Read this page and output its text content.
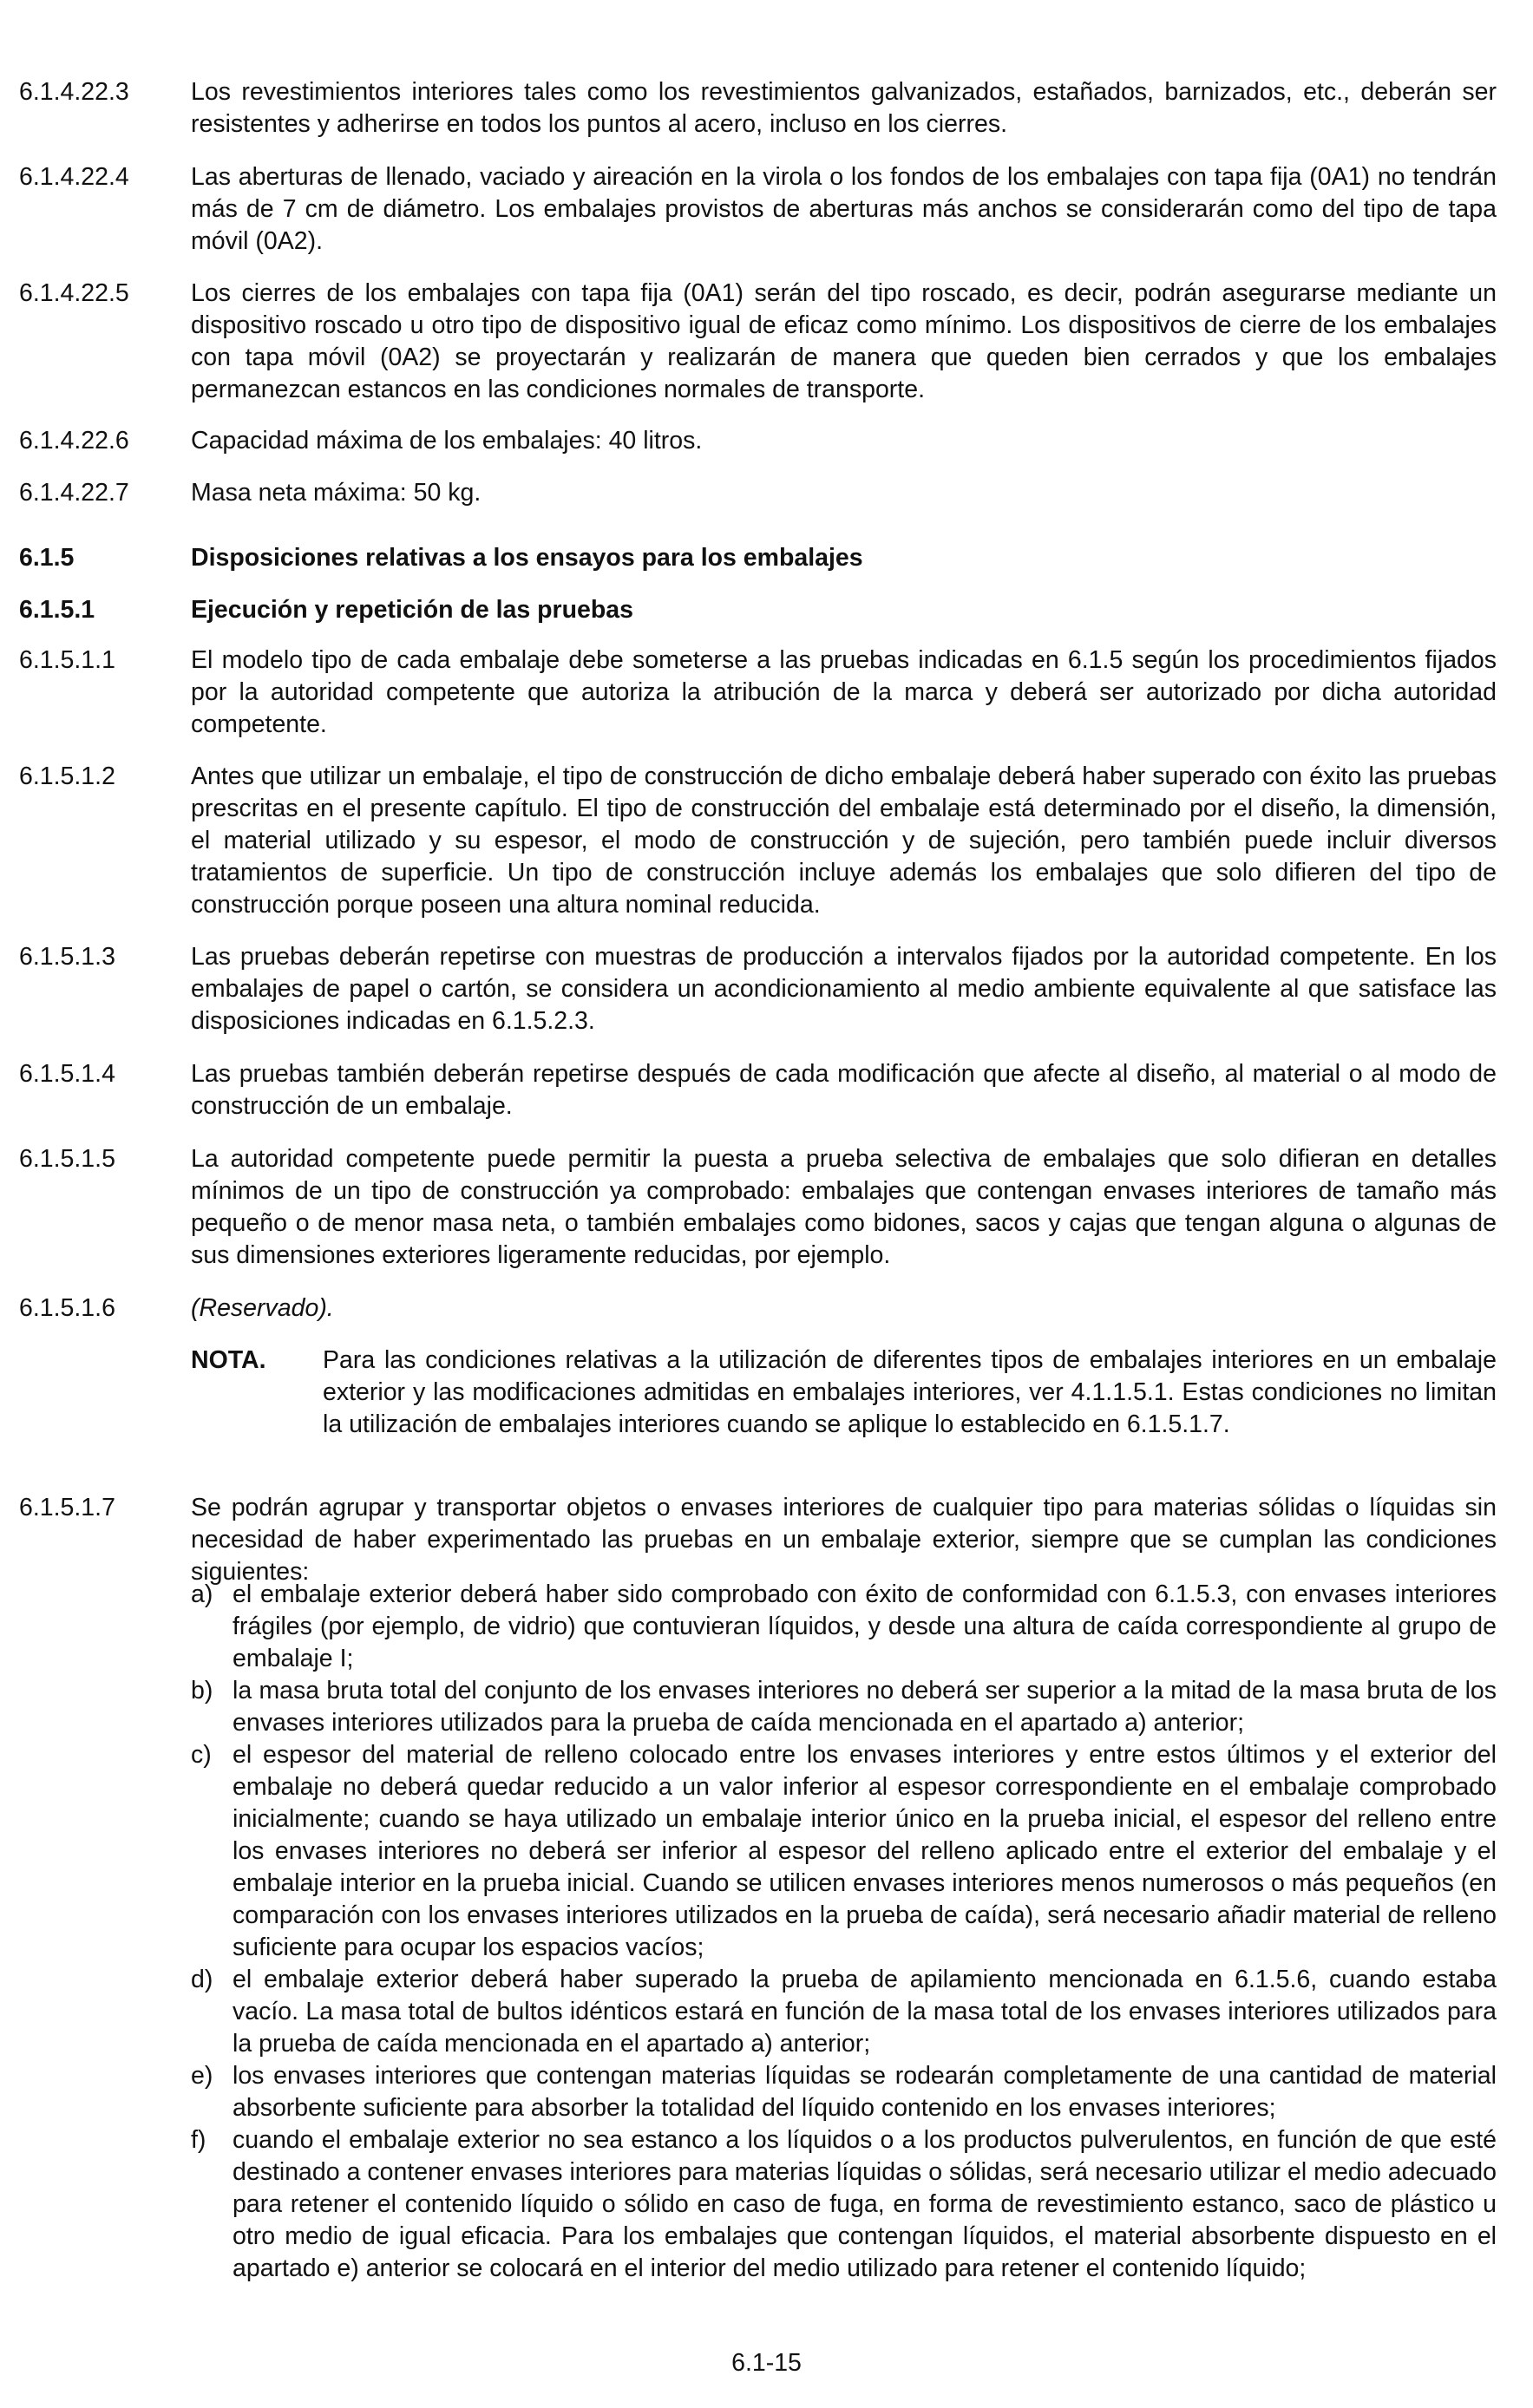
6.1.4.22.3 Los revestimientos interiores tales como los revestimientos galvanizados, estañados, barnizados, etc., deberán ser resistentes y adherirse en todos los puntos al acero, incluso en los cierres.
6.1.4.22.4 Las aberturas de llenado, vaciado y aireación en la virola o los fondos de los embalajes con tapa fija (0A1) no tendrán más de 7 cm de diámetro. Los embalajes provistos de aberturas más anchos se considerarán como del tipo de tapa móvil (0A2).
6.1.4.22.5 Los cierres de los embalajes con tapa fija (0A1) serán del tipo roscado, es decir, podrán asegurarse mediante un dispositivo roscado u otro tipo de dispositivo igual de eficaz como mínimo. Los dispositivos de cierre de los embalajes con tapa móvil (0A2) se proyectarán y realizarán de manera que queden bien cerrados y que los embalajes permanezcan estancos en las condiciones normales de transporte.
6.1.4.22.6 Capacidad máxima de los embalajes: 40 litros.
6.1.4.22.7 Masa neta máxima: 50 kg.
6.1.5	Disposiciones relativas a los ensayos para los embalajes
6.1.5.1	Ejecución y repetición de las pruebas
6.1.5.1.1	El modelo tipo de cada embalaje debe someterse a las pruebas indicadas en 6.1.5 según los procedimientos fijados por la autoridad competente que autoriza la atribución de la marca y deberá ser autorizado por dicha autoridad competente.
6.1.5.1.2	Antes que utilizar un embalaje, el tipo de construcción de dicho embalaje deberá haber superado con éxito las pruebas prescritas en el presente capítulo. El tipo de construcción del embalaje está determinado por el diseño, la dimensión, el material utilizado y su espesor, el modo de construcción y de sujeción, pero también puede incluir diversos tratamientos de superficie. Un tipo de construcción incluye además los embalajes que solo difieren del tipo de construcción porque poseen una altura nominal reducida.
6.1.5.1.3	Las pruebas deberán repetirse con muestras de producción a intervalos fijados por la autoridad competente. En los embalajes de papel o cartón, se considera un acondicionamiento al medio ambiente equivalente al que satisface las disposiciones indicadas en 6.1.5.2.3.
6.1.5.1.4	Las pruebas también deberán repetirse después de cada modificación que afecte al diseño, al material o al modo de construcción de un embalaje.
6.1.5.1.5	La autoridad competente puede permitir la puesta a prueba selectiva de embalajes que solo difieran en detalles mínimos de un tipo de construcción ya comprobado: embalajes que contengan envases interiores de tamaño más pequeño o de menor masa neta, o también embalajes como bidones, sacos y cajas que tengan alguna o algunas de sus dimensiones exteriores ligeramente reducidas, por ejemplo.
6.1.5.1.6	(Reservado).
NOTA. Para las condiciones relativas a la utilización de diferentes tipos de embalajes interiores en un embalaje exterior y las modificaciones admitidas en embalajes interiores, ver 4.1.1.5.1. Estas condiciones no limitan la utilización de embalajes interiores cuando se aplique lo establecido en 6.1.5.1.7.
6.1.5.1.7	Se podrán agrupar y transportar objetos o envases interiores de cualquier tipo para materias sólidas o líquidas sin necesidad de haber experimentado las pruebas en un embalaje exterior, siempre que se cumplan las condiciones siguientes:
a) el embalaje exterior deberá haber sido comprobado con éxito de conformidad con 6.1.5.3, con envases interiores frágiles (por ejemplo, de vidrio) que contuvieran líquidos, y desde una altura de caída correspondiente al grupo de embalaje I;
b) la masa bruta total del conjunto de los envases interiores no deberá ser superior a la mitad de la masa bruta de los envases interiores utilizados para la prueba de caída mencionada en el apartado a) anterior;
c) el espesor del material de relleno colocado entre los envases interiores y entre estos últimos y el exterior del embalaje no deberá quedar reducido a un valor inferior al espesor correspondiente en el embalaje comprobado inicialmente; cuando se haya utilizado un embalaje interior único en la prueba inicial, el espesor del relleno entre los envases interiores no deberá ser inferior al espesor del relleno aplicado entre el exterior del embalaje y el embalaje interior en la prueba inicial. Cuando se utilicen envases interiores menos numerosos o más pequeños (en comparación con los envases interiores utilizados en la prueba de caída), será necesario añadir material de relleno suficiente para ocupar los espacios vacíos;
d) el embalaje exterior deberá haber superado la prueba de apilamiento mencionada en 6.1.5.6, cuando estaba vacío. La masa total de bultos idénticos estará en función de la masa total de los envases interiores utilizados para la prueba de caída mencionada en el apartado a) anterior;
e) los envases interiores que contengan materias líquidas se rodearán completamente de una cantidad de material absorbente suficiente para absorber la totalidad del líquido contenido en los envases interiores;
f) cuando el embalaje exterior no sea estanco a los líquidos o a los productos pulverulentos, en función de que esté destinado a contener envases interiores para materias líquidas o sólidas, será necesario utilizar el medio adecuado para retener el contenido líquido o sólido en caso de fuga, en forma de revestimiento estanco, saco de plástico u otro medio de igual eficacia. Para los embalajes que contengan líquidos, el material absorbente dispuesto en el apartado e) anterior se colocará en el interior del medio utilizado para retener el contenido líquido;
6.1-15
